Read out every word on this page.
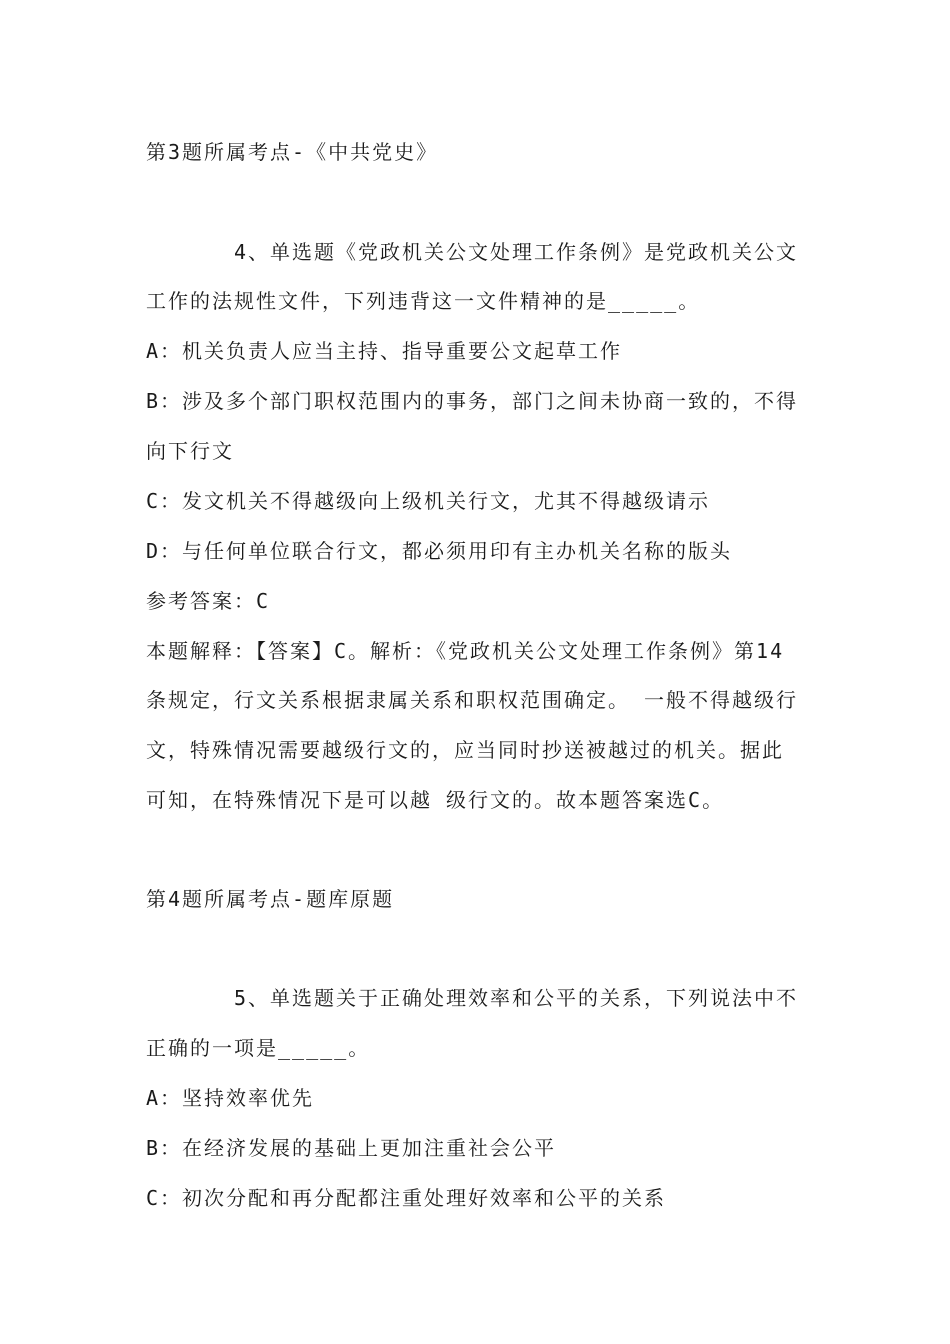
第3题所属考点-《中共党史》
4、单选题《党政机关公文处理工作条例》是党政机关公文
工作的法规性文件，下列违背这一文件精神的是_____。
A：机关负责人应当主持、指导重要公文起草工作
B：涉及多个部门职权范围内的事务，部门之间未协商一致的，不得
向下行文
C：发文机关不得越级向上级机关行文，尤其不得越级请示
D：与任何单位联合行文，都必须用印有主办机关名称的版头
参考答案：C
本题解释：【答案】C。解析：《党政机关公文处理工作条例》第14
条规定，行文关系根据隶属关系和职权范围确定。 一般不得越级行
文，特殊情况需要越级行文的，应当同时抄送被越过的机关。据此
可知，在特殊情况下是可以越 级行文的。故本题答案选C。
第4题所属考点-题库原题
5、单选题关于正确处理效率和公平的关系，下列说法中不
正确的一项是_____。
A：坚持效率优先
B：在经济发展的基础上更加注重社会公平
C：初次分配和再分配都注重处理好效率和公平的关系
